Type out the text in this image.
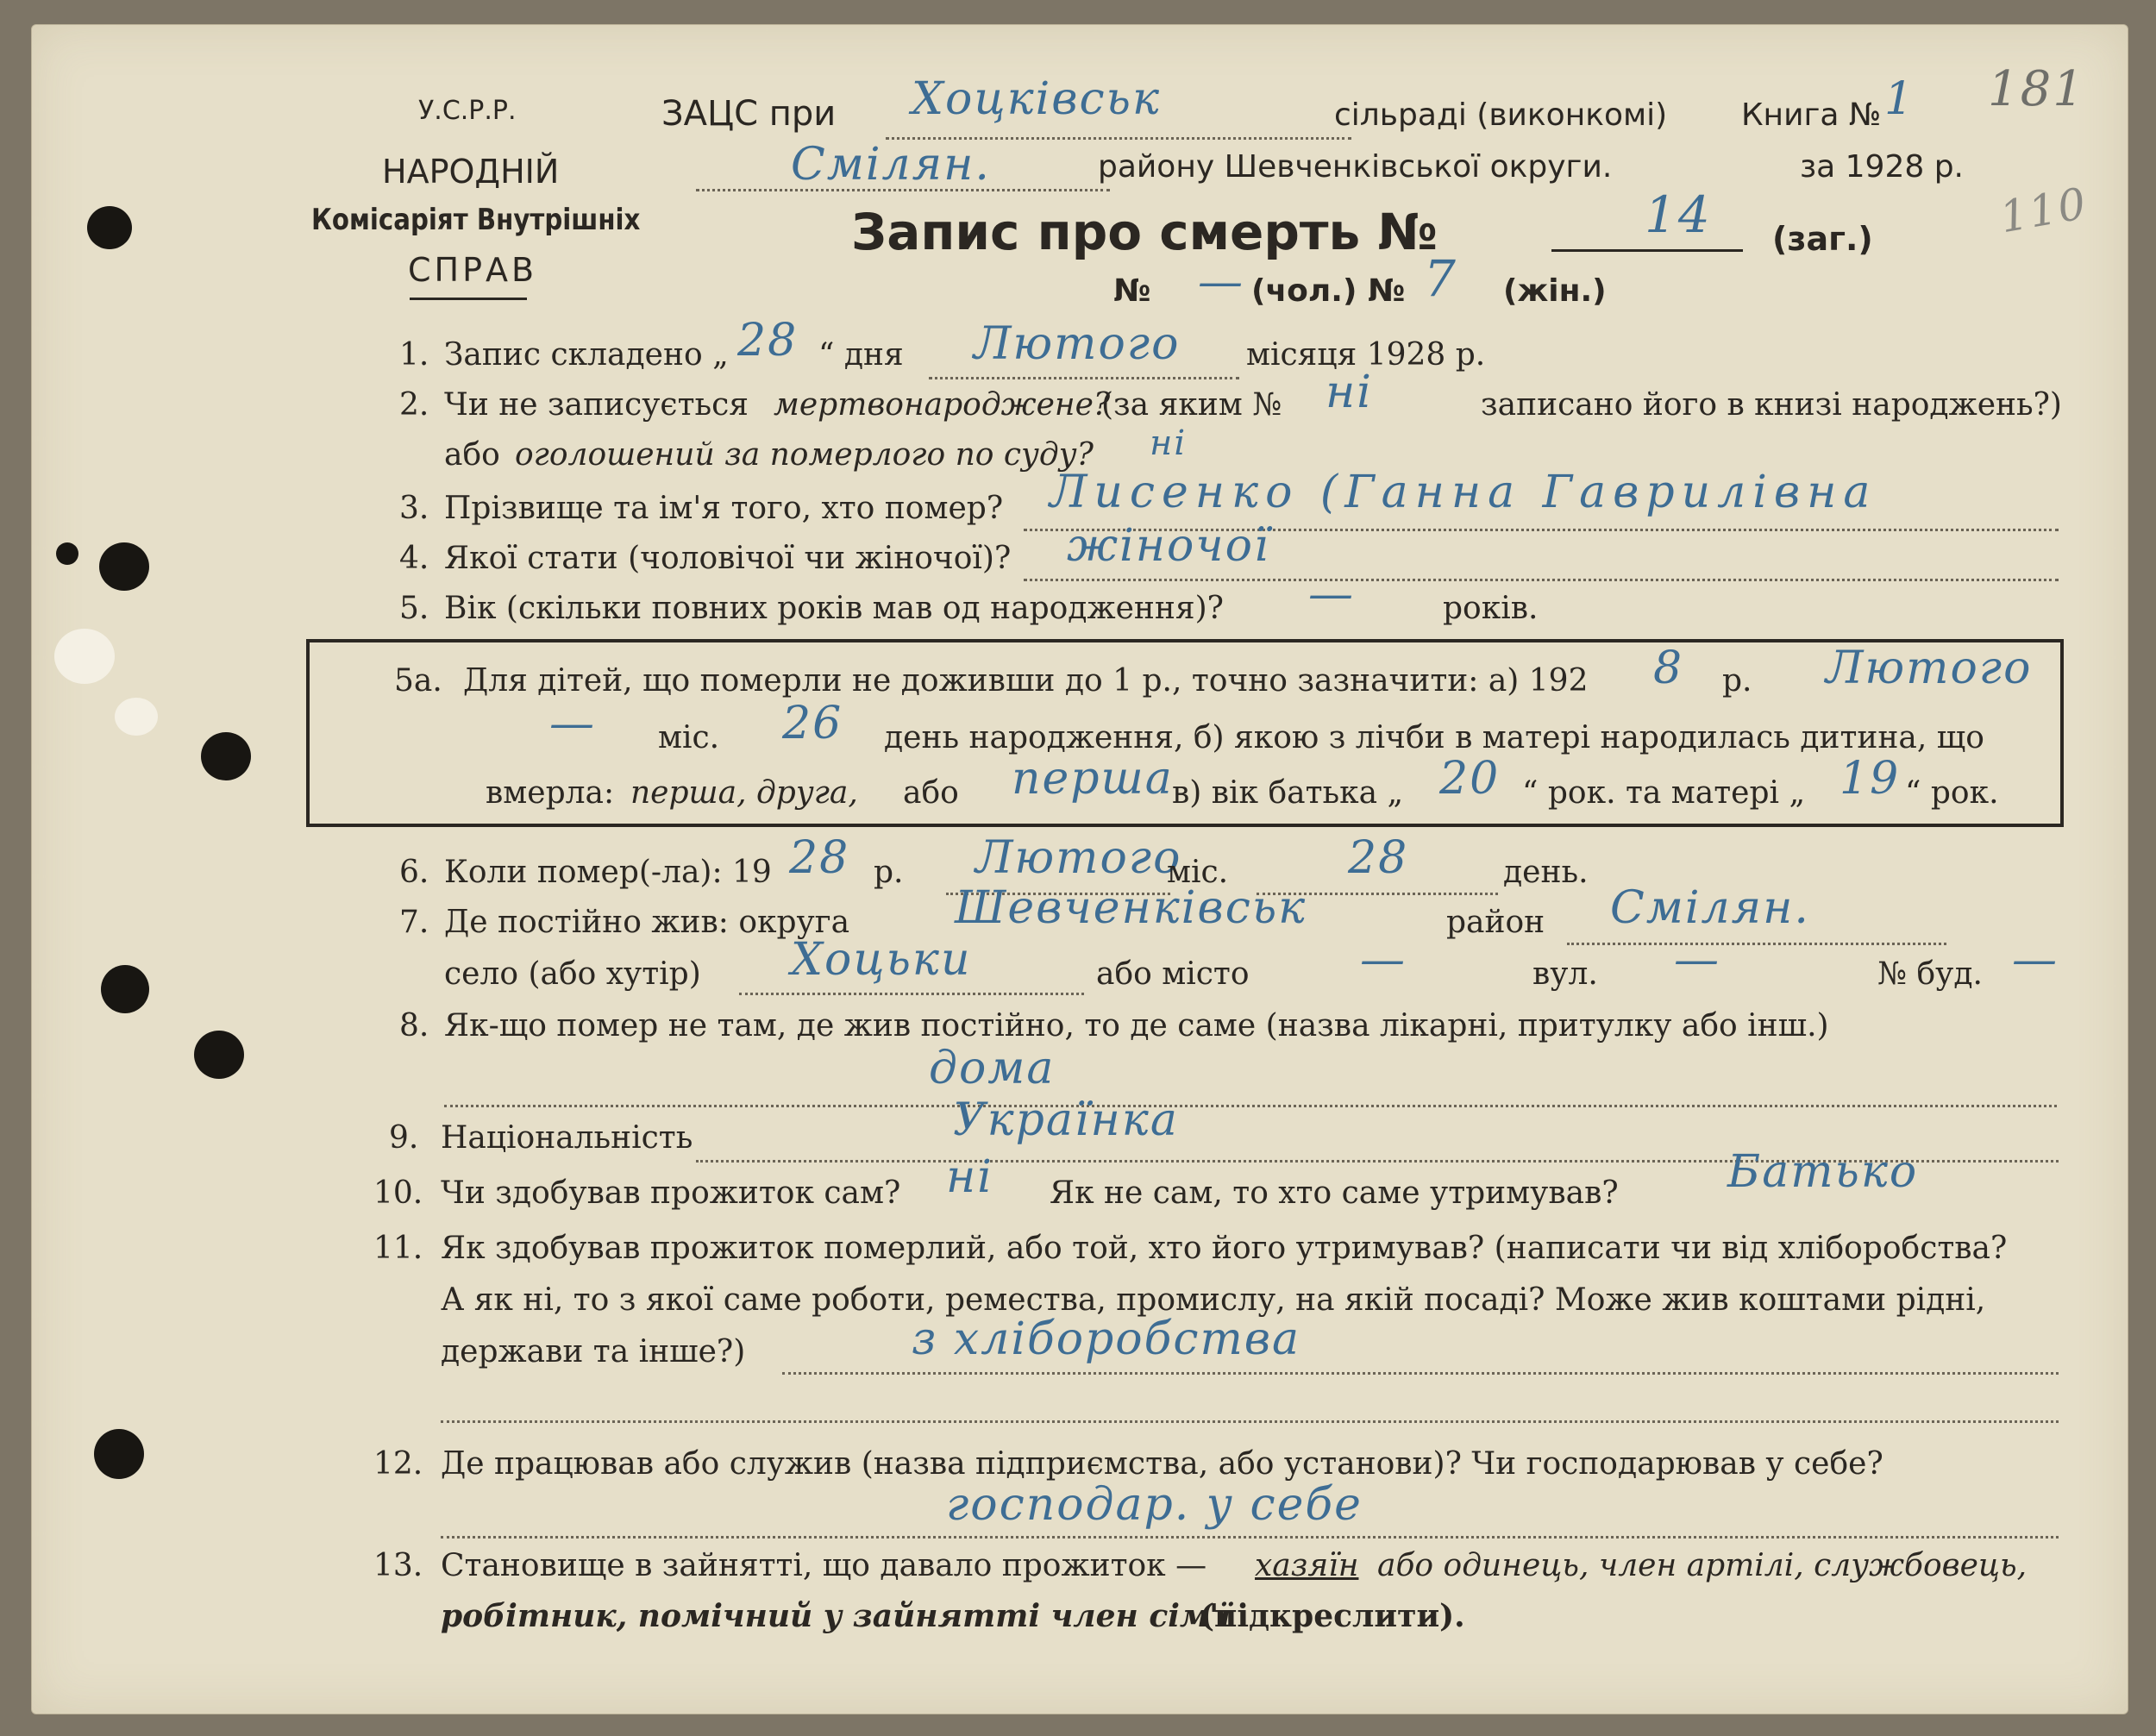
У.С.Р.Р.	ЗАЦС при Хоцківськ	сільраді (виконкомі) Книга № 1 181
110
НАРОДНІЙ
Комісаріят Внутрішніх
СПРАВ
Смілян.	району Шевченківської округи.	за 1928 р.
Запис про смерть №	14 (заг.)
№ — (чол.) № 7 (жін.)
1. Запис складено „ 28 “ дня Лютого місяця 1928 р.
2. Чи не записується мертвонароджене?
(за яким № ні	записано його в книзі народжень?)
або оголошений за померлого по суду? ні
3. Прізвище та ім'я того, хто помер? Лисенко (Ганна Гаврилівна
4. Якої стати (чоловічої чи жіночої)? жіночої
5. Вік (скільки повних років мав од народження)? —	років.
5а. Для дітей, що померли не доживши до 1 р., точно зазначити: а) 192 8 р. Лютого
— міс. 26 день народження, б) якою з лічби в матері народилась дитина, що
вмерла: перша, друга, або перша
в) вік батька „ 20 “ рок. та матері „ 19 “ рок.
6. Коли помер(-ла): 19 28 р. Лютого
міс.	28	день.
7. Де постійно жив: округа Шевченківськ	район Смілян.
село (або хутір) Хоцьки	або місто —	вул. —	№ буд. —
8. Як-що помер не там, де жив постійно, то де саме (назва лікарні, притулку або інш.)
дома
9. Національність	Українка
10. Чи здобував прожиток сам? ні Як не сам, то хто саме утримував? Батько
11. Як здобував прожиток померлий, або той, хто його утримував? (написати чи від хліборобства?
А як ні, то з якої саме роботи, ремества, промислу, на якій посаді? Може жив коштами рідні,
держави та інше?)	з хліборобства
12. Де працював або служив (назва підприємства, або установи)? Чи господарював у себе?
господар. у себе
13. Становище в зайнятті, що давало прожиток — хазяїн або одинець, член артілі, службовець,
робітник, помічний у зайнятті член сім'ї
(підкреслити).
